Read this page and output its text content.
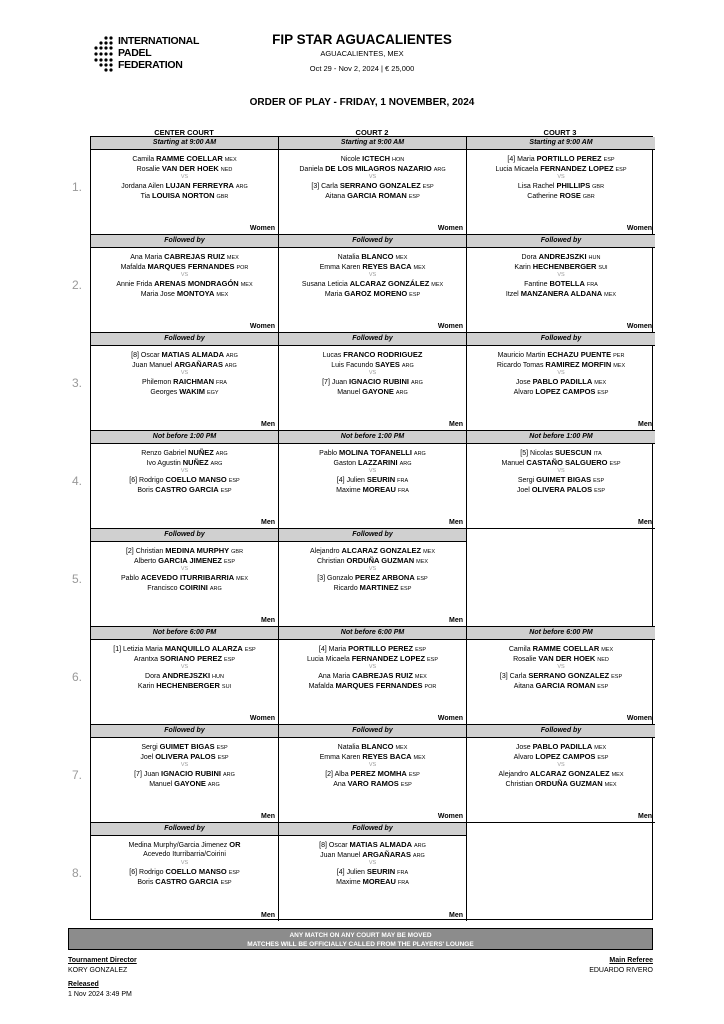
INTERNATIONAL
PADEL
FEDERATION
FIP STAR AGUACALIENTES
AGUACALIENTES, MEX
Oct 29 - Nov 2, 2024 | € 25,000
ORDER OF PLAY - FRIDAY, 1 NOVEMBER, 2024
CENTER COURT	COURT 2	COURT 3
1.
2.
3.
4.
5.
6.
7.
8.
Starting at 9:00 AM
Camila RAMME COELLAR MEX
Rosalie VAN DER HOEK NED
VS
Jordana Ailen LUJAN FERREYRA ARG
Tia LOUISA NORTON GBR
Women
Starting at 9:00 AM
Nicole ICTECH HON
Daniela DE LOS MILAGROS NAZARIO ARG
VS
[3] Carla SERRANO GONZALEZ ESP
Aitana GARCIA ROMAN ESP
Women
Starting at 9:00 AM
[4] Maria PORTILLO PEREZ ESP
Lucia Micaela FERNANDEZ LOPEZ ESP
VS
Lisa Rachel PHILLIPS GBR
Catherine ROSE GBR
Women
Followed by
Ana Maria CABREJAS RUIZ MEX
Mafalda MARQUES FERNANDES POR
VS
Annie Frida ARENAS MONDRAGÓN MEX
Maria Jose MONTOYA MEX
Women
Followed by
Natalia BLANCO MEX
Emma Karen REYES BACA MEX
VS
Susana Leticia ALCARAZ GONZÁLEZ MEX
Maria GAROZ MORENO ESP
Women
Followed by
Dora ANDREJSZKI HUN
Karin HECHENBERGER SUI
VS
Fantine BOTELLA FRA
Itzel MANZANERA ALDANA MEX
Women
Followed by
[8] Oscar MATIAS ALMADA ARG
Juan Manuel ARGAÑARAS ARG
VS
Philemon RAICHMAN FRA
Georges WAKIM EGY
Men
Followed by
Lucas FRANCO RODRIGUEZ
Luis Facundo SAYES ARG
VS
[7] Juan IGNACIO RUBINI ARG
Manuel GAYONE ARG
Men
Followed by
Mauricio Martin ECHAZU PUENTE PER
Ricardo Tomas RAMIREZ MORFIN MEX
VS
Jose PABLO PADILLA MEX
Alvaro LOPEZ CAMPOS ESP
Men
Not before 1:00 PM
Renzo Gabriel NUÑEZ ARG
Ivo Agustin NUÑEZ ARG
VS
[6] Rodrigo COELLO MANSO ESP
Boris CASTRO GARCIA ESP
Men
Not before 1:00 PM
Pablo MOLINA TOFANELLI ARG
Gaston LAZZARINI ARG
VS
[4] Julien SEURIN FRA
Maxime MOREAU FRA
Men
Not before 1:00 PM
[5] Nicolas SUESCUN ITA
Manuel CASTAÑO SALGUERO ESP
VS
Sergi GUIMET BIGAS ESP
Joel OLIVERA PALOS ESP
Men
Followed by
[2] Christian MEDINA MURPHY GBR
Alberto GARCIA JIMENEZ ESP
VS
Pablo ACEVEDO ITURRIBARRIA MEX
Francisco COIRINI ARG
Men
Followed by
Alejandro ALCARAZ GONZALEZ MEX
Christian ORDUÑA GUZMAN MEX
VS
[3] Gonzalo PEREZ ARBONA ESP
Ricardo MARTINEZ ESP
Men
Not before 6:00 PM
[1] Letizia Maria MANQUILLO ALARZA ESP
Arantxa SORIANO PEREZ ESP
VS
Dora ANDREJSZKI HUN
Karin HECHENBERGER SUI
Women
Not before 6:00 PM
[4] Maria PORTILLO PEREZ ESP
Lucia Micaela FERNANDEZ LOPEZ ESP
VS
Ana Maria CABREJAS RUIZ MEX
Mafalda MARQUES FERNANDES POR
Women
Not before 6:00 PM
Camila RAMME COELLAR MEX
Rosalie VAN DER HOEK NED
VS
[3] Carla SERRANO GONZALEZ ESP
Aitana GARCIA ROMAN ESP
Women
Followed by
Sergi GUIMET BIGAS ESP
Joel OLIVERA PALOS ESP
VS
[7] Juan IGNACIO RUBINI ARG
Manuel GAYONE ARG
Men
Followed by
Natalia BLANCO MEX
Emma Karen REYES BACA MEX
VS
[2] Alba PEREZ MOMHA ESP
Ana VARO RAMOS ESP
Women
Followed by
Jose PABLO PADILLA MEX
Alvaro LOPEZ CAMPOS ESP
VS
Alejandro ALCARAZ GONZALEZ MEX
Christian ORDUÑA GUZMAN MEX
Men
Followed by
Medina Murphy/Garcia Jimenez OR
Acevedo Iturribarria/Coirini
VS
[6] Rodrigo COELLO MANSO ESP
Boris CASTRO GARCIA ESP
Men
Followed by
[8] Oscar MATIAS ALMADA ARG
Juan Manuel ARGAÑARAS ARG
VS
[4] Julien SEURIN FRA
Maxime MOREAU FRA
Men
ANY MATCH ON ANY COURT MAY BE MOVED
MATCHES WILL BE OFFICIALLY CALLED FROM THE PLAYERS' LOUNGE
Tournament Director
KORY GONZALEZ
Main Referee
EDUARDO RIVERO
Released
1 Nov 2024 3:49 PM
